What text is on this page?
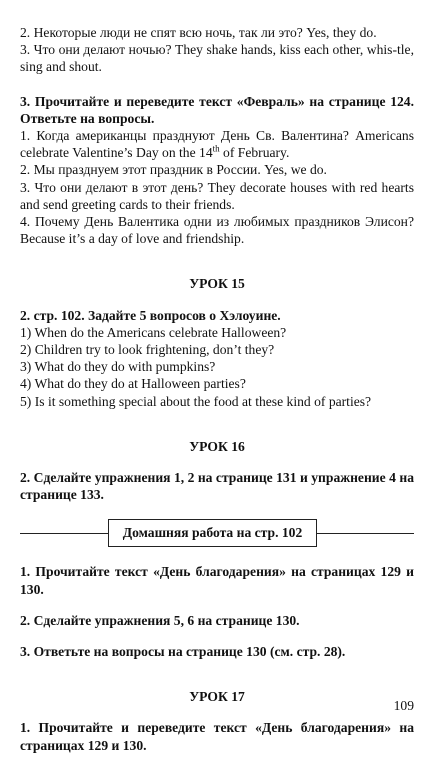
2. Некоторые люди не спят всю ночь, так ли это? Yes, they do.

3. Что они делают ночью? They shake hands, kiss each other, whis-tle, sing and shout.

3. Прочитайте и переведите текст «Февраль» на странице 124. Ответьте на вопросы.

1. Когда американцы празднуют День Св. Валентина? Americans celebrate Valentine’s Day on the 14th of February.

2. Мы празднуем этот праздник в России. Yes, we do.

3. Что они делают в этот день? They decorate houses with red hearts and send greeting cards to their friends.

4. Почему День Валентика одни из любимых праздников Элисон? Because it’s a day of love and friendship.

УРОК 15

2. стр. 102. Задайте 5 вопросов о Хэлоуине.

1) When do the Americans celebrate Halloween?

2) Children try to look frightening, don’t they?

3) What do they do with pumpkins?

4) What do they do at Halloween parties?

5) Is it something special about the food at these kind of parties?

УРОК 16

2. Сделайте упражнения 1, 2 на странице 131 и упражнение 4 на странице 133.

Домашняя работа на стр. 102

1. Прочитайте текст «День благодарения» на страницах 129 и 130.

2. Сделайте упражнения 5, 6 на странице 130.

3. Ответьте на вопросы на странице 130 (см. стр. 28).

УРОК 17

1. Прочитайте и переведите текст «День благодарения» на страницах 129 и 130.

109
